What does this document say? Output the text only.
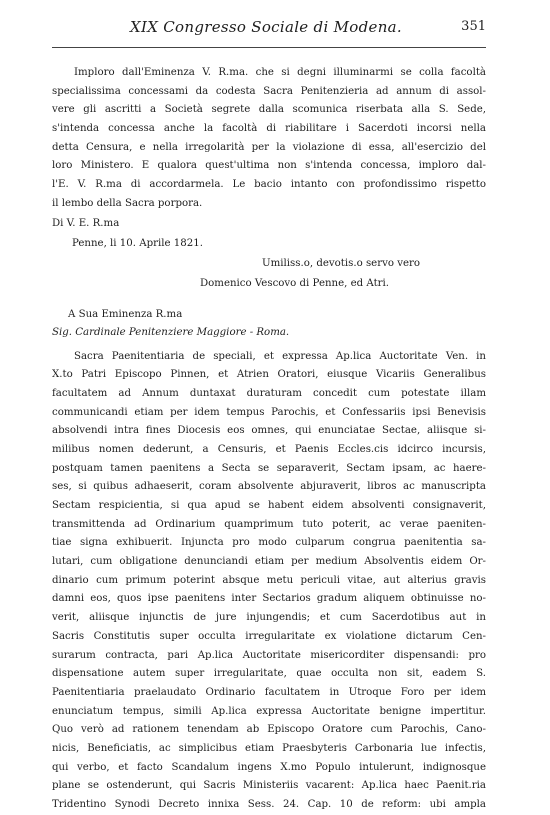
XIX Congresso Sociale di Modena.	351
Imploro dall'Eminenza V. R.ma. che si degni illuminarmi se colla facoltà
specialissima concessami da codesta Sacra Penitenzieria ad annum di assol-
vere gli ascritti a Società segrete dalla scomunica riserbata alla S. Sede,
s'intenda concessa anche la facoltà di riabilitare i Sacerdoti incorsi nella
detta Censura, e nella irregolarità per la violazione di essa, all'esercizio del
loro Ministero. E qualora quest'ultima non s'intenda concessa, imploro dal-
l'E. V. R.ma di accordarmela. Le bacio intanto con profondissimo rispetto
il lembo della Sacra porpora.
Di V. E. R.ma
Penne, li 10. Aprile 1821.
Umiliss.o, devotis.o servo vero
Domenico Vescovo di Penne, ed Atri.
A Sua Eminenza R.ma
Sig. Cardinale Penitenziere Maggiore - Roma.
Sacra Paenitentiaria de speciali, et expressa Ap.lica Auctoritate Ven. in
X.to Patri Episcopo Pinnen, et Atrien Oratori, eiusque Vicariis Generalibus
facultatem ad Annum duntaxat duraturam concedit cum potestate illam
communicandi etiam per idem tempus Parochis, et Confessariis ipsi Benevisis
absolvendi intra fines Diocesis eos omnes, qui enunciatae Sectae, aliisque si-
milibus nomen dederunt, a Censuris, et Paenis Eccles.cis idcirco incursis,
postquam tamen paenitens a Secta se separaverit, Sectam ipsam, ac haere-
ses, si quibus adhaeserit, coram absolvente abjuraverit, libros ac manuscripta
Sectam respicientia, si qua apud se habent eidem absolventi consignaverit,
transmittenda ad Ordinarium quamprimum tuto poterit, ac verae paeniten-
tiae signa exhibuerit. Injuncta pro modo culparum congrua paenitentia sa-
lutari, cum obligatione denunciandi etiam per medium Absolventis eidem Or-
dinario cum primum poterint absque metu periculi vitae, aut alterius gravis
damni eos, quos ipse paenitens inter Sectarios gradum aliquem obtinuisse no-
verit, aliisque injunctis de jure injungendis; et cum Sacerdotibus aut in
Sacris Constitutis super occulta irregularitate ex violatione dictarum Cen-
surarum contracta, pari Ap.lica Auctoritate misericorditer dispensandi: pro
dispensatione autem super irregularitate, quae occulta non sit, eadem S.
Paenitentiaria praelaudato Ordinario facultatem in Utroque Foro per idem
enunciatum tempus, simili Ap.lica expressa Auctoritate benigne impertitur.
Quo verò ad rationem tenendam ab Episcopo Oratore cum Parochis, Cano-
nicis, Beneficiatis, ac simplicibus etiam Praesbyteris Carbonaria lue infectis,
qui verbo, et facto Scandalum ingens X.mo Populo intulerunt, indignosque
plane se ostenderunt, qui Sacris Ministeriis vacarent: Ap.lica haec Paenit.ria
Tridentino Synodi Decreto innixa Sess. 24. Cap. 10 de reform: ubi ampla
